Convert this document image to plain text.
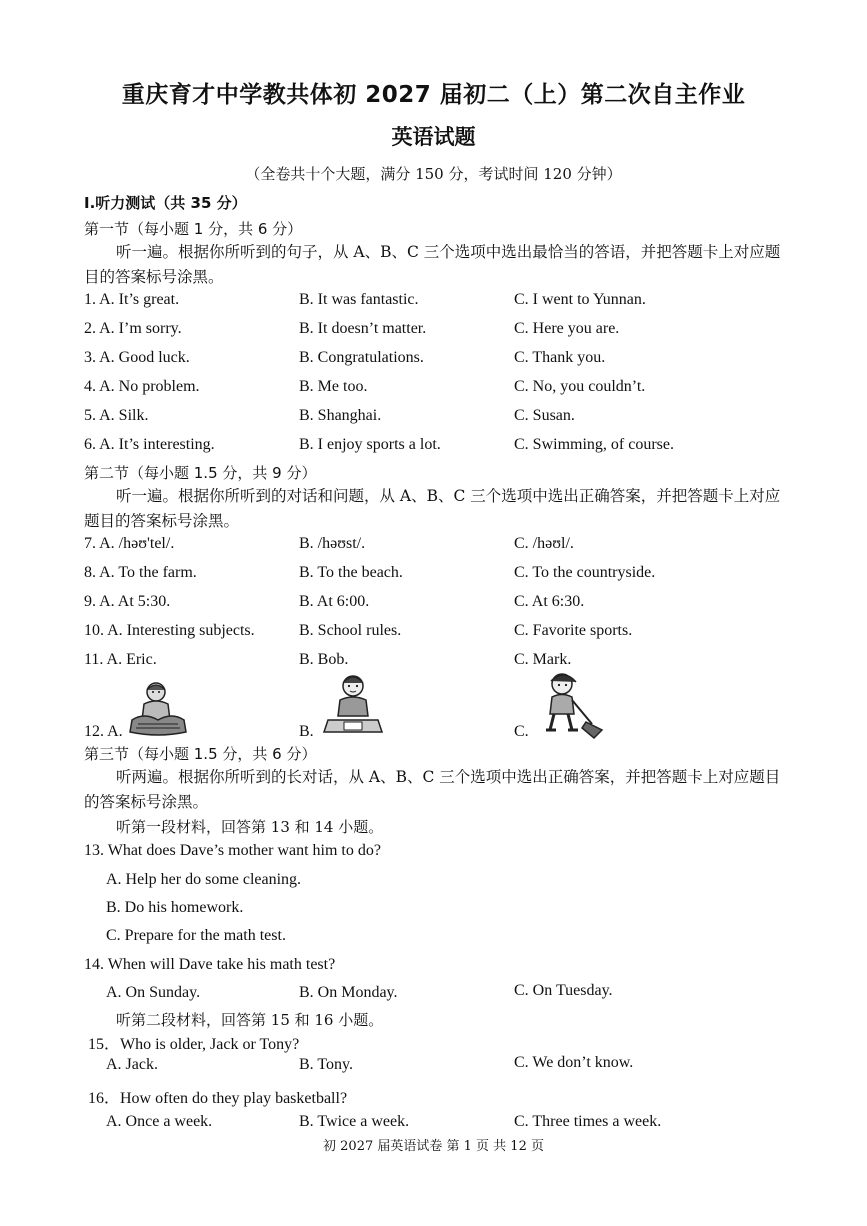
重庆育才中学教共体初 2027 届初二（上）第二次自主作业
英语试题
（全卷共十个大题，满分 150 分，考试时间 120 分钟）
I.听力测试（共 35 分）
第一节（每小题 1 分，共 6 分）
听一遍。根据你所听到的句子，从 A、B、C 三个选项中选出最恰当的答语，并把答题卡上对应题目的答案标号涂黑。
1. A. It’s great.	B. It was fantastic.	C. I went to Yunnan.
2. A. I’m sorry.	B. It doesn’t matter.	C. Here you are.
3. A. Good luck.	B. Congratulations.	C. Thank you.
4. A. No problem.	B. Me too.	C. No, you couldn’t.
5. A. Silk.	B. Shanghai.	C. Susan.
6. A. It’s interesting.	B. I enjoy sports a lot.	C. Swimming, of course.
第二节（每小题 1.5 分，共 9 分）
听一遍。根据你所听到的对话和问题，从 A、B、C 三个选项中选出正确答案，并把答题卡上对应题目的答案标号涂黑。
7. A. /həʊ'tel/.	B. /həʊst/.	C. /həʊl/.
8. A. To the farm.	B. To the beach.	C. To the countryside.
9. A. At 5:30.	B. At 6:00.	C. At 6:30.
10. A. Interesting subjects.	B. School rules.	C. Favorite sports.
11. A. Eric.	B. Bob.	C. Mark.
12. A.	B.	C.
第三节（每小题 1.5 分，共 6 分）
听两遍。根据你所听到的长对话，从 A、B、C 三个选项中选出正确答案，并把答题卡上对应题目的答案标号涂黑。
听第一段材料，回答第 13 和 14 小题。
13. What does Dave’s mother want him to do?
A. Help her do some cleaning.
B. Do his homework.
C. Prepare for the math test.
14. When will Dave take his math test?
A. On Sunday.	B. On Monday.	C. On Tuesday.
听第二段材料，回答第 15 和 16 小题。
15．Who is older, Jack or Tony?
A. Jack.	B. Tony.	C. We don’t know.
16．How often do they play basketball?
A. Once a week.	B. Twice a week.	C. Three times a week.
初 2027 届英语试卷 第 1 页 共 12 页
